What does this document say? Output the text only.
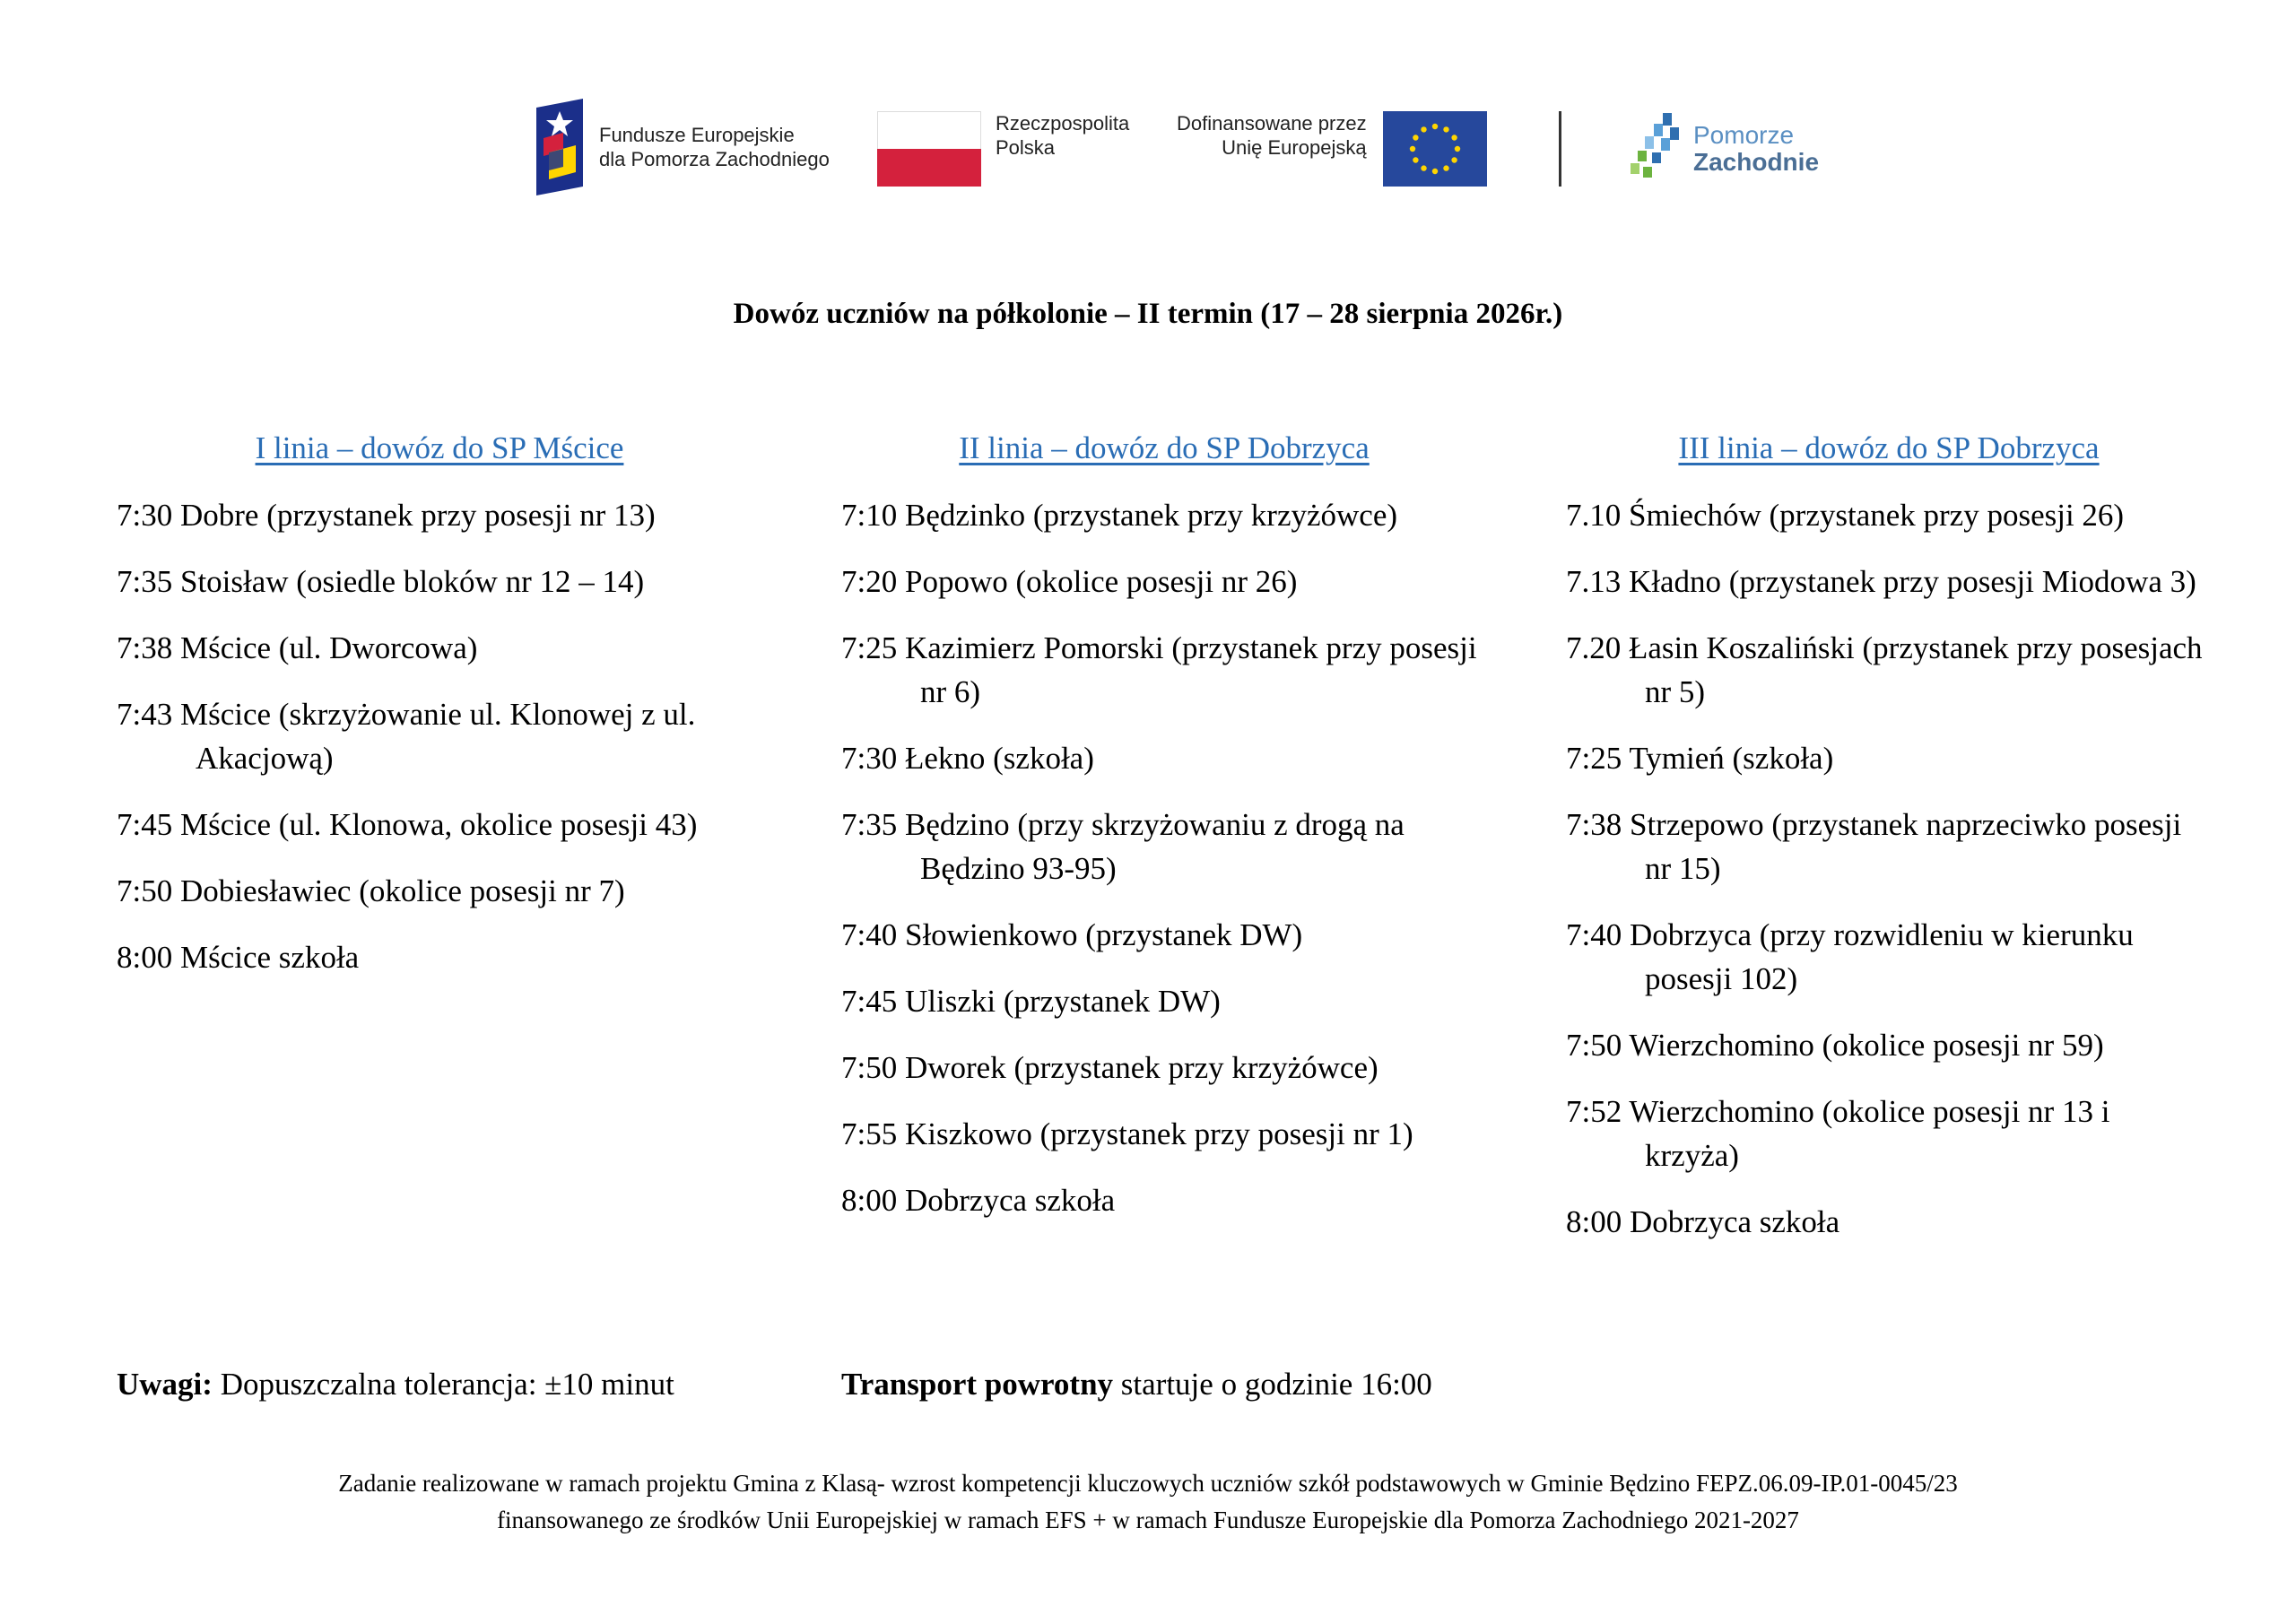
Fundusze Europejskie
dla Pomorza Zachodniego
Rzeczpospolita
Polska
Dofinansowane przez
Unię Europejską	Pomorze
Zachodnie
Dowóz uczniów na półkolonie – II termin (17 – 28 sierpnia 2026r.)
I linia – dowóz do SP Mścice
7:30 Dobre (przystanek przy posesji nr 13)
7:35 Stoisław (osiedle bloków nr 12 – 14)
7:38 Mścice (ul. Dworcowa)
7:43 Mścice (skrzyżowanie ul. Klonowej z ul. Akacjową)
7:45 Mścice (ul. Klonowa, okolice posesji 43)
7:50 Dobiesławiec (okolice posesji nr 7)
8:00 Mścice szkoła
II linia – dowóz do SP Dobrzyca
7:10 Będzinko (przystanek przy krzyżówce)
7:20 Popowo (okolice posesji nr 26)
7:25 Kazimierz Pomorski (przystanek przy posesji nr 6)
7:30 Łekno (szkoła)
7:35 Będzino (przy skrzyżowaniu z drogą na Będzino 93-95)
7:40 Słowienkowo (przystanek DW)
7:45 Uliszki (przystanek DW)
7:50 Dworek (przystanek przy krzyżówce)
7:55 Kiszkowo (przystanek przy posesji nr 1)
8:00 Dobrzyca szkoła
III linia – dowóz do SP Dobrzyca
7.10 Śmiechów (przystanek przy posesji 26)
7.13 Kładno (przystanek przy posesji Miodowa 3)
7.20 Łasin Koszaliński (przystanek przy posesjach nr 5)
7:25 Tymień (szkoła)
7:38 Strzepowo (przystanek naprzeciwko posesji nr 15)
7:40 Dobrzyca (przy rozwidleniu w kierunku posesji 102)
7:50 Wierzchomino (okolice posesji nr 59)
7:52 Wierzchomino (okolice posesji nr 13 i krzyża)
8:00 Dobrzyca szkoła
Uwagi: Dopuszczalna tolerancja: ±10 minut	Transport powrotny startuje o godzinie 16:00
Zadanie realizowane w ramach projektu Gmina z Klasą- wzrost kompetencji kluczowych uczniów szkół podstawowych w Gminie Będzino FEPZ.06.09-IP.01-0045/23
finansowanego ze środków Unii Europejskiej w ramach EFS + w ramach Fundusze Europejskie dla Pomorza Zachodniego 2021-2027
